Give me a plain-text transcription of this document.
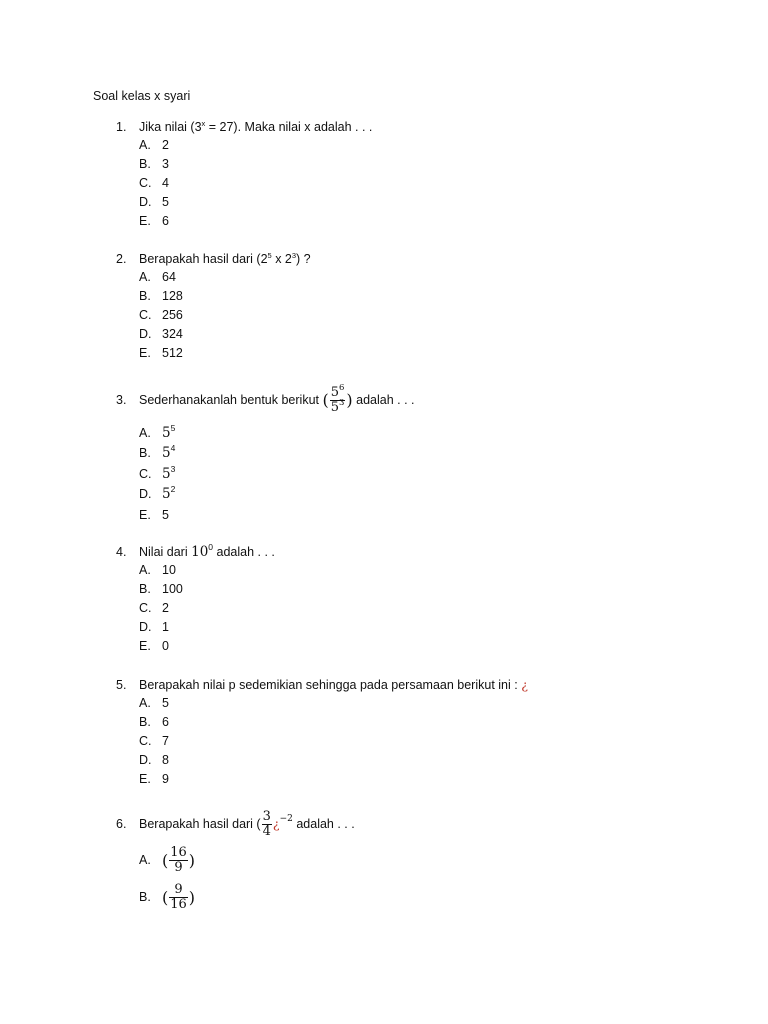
Soal kelas x syari
1. Jika nilai $(3^x = 27)$. Maka nilai x adalah . . .
A. 2
B. 3
C. 4
D. 5
E. 6
2. Berapakah hasil dari ($2^5$ x $2^3$) ?
A. 64
B. 128
C. 256
D. 324
E. 512
3. Sederhanakanlah bentuk berikut ( $\frac{5^6}{5^3}$ ) adalah . . .
A. $5^5$
B. $5^4$
C. $5^3$
D. $5^2$
E. 5
4. Nilai dari $10^0$ adalah . . .
A. 10
B. 100
C. 2
D. 1
E. 0
5. Berapakah nilai p sedemikian sehingga pada persamaan berikut ini : ¿
A. 5
B. 6
C. 7
D. 8
E. 9
6. Berapakah hasil dari ( $\frac{3}{4}$ ¿$^{-2}$ adalah . . .
A. ( $\frac{16}{9}$ )
B. ( $\frac{9}{16}$ )
